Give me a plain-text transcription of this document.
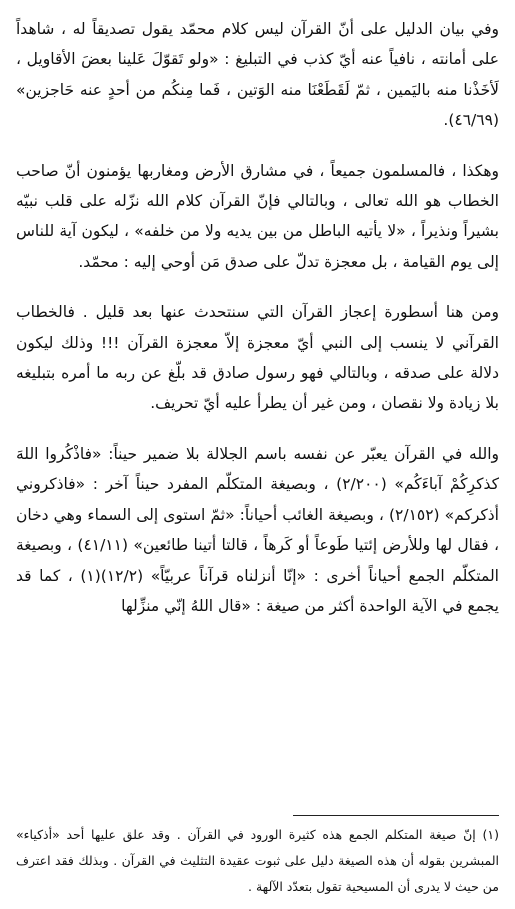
وفي بيان الدليل على أنّ القرآن ليس كلام محمّد يقول تصديقاً له ، شاهداً على أمانته ، نافياً عنه أيّ كذب في التبليغ : «ولو تَقوّلَ عَلينا بعضَ الأقاويل ، لَأخَذْنا منه باليَمين ، ثمّ لَقَطَعْنَا منه الوَتين ، فَما مِنكُم من أحدٍ عنه حَاجزين» (٤٦/٦٩).

وهكذا ، فالمسلمون جميعاً ، في مشارق الأرض ومغاربها يؤمنون أنّ صاحب الخطاب هو الله تعالى ، وبالتالي فإنّ القرآن كلام الله نزّله على قلب نبيّه بشيراً ونذيراً ، «لا يأتيه الباطل من بين يديه ولا من خلفه» ، ليكون آية للناس إلى يوم القيامة ، بل معجزة تدلّ على صدق مَن أوحي إليه : محمّد.

ومن هنا أسطورة إعجاز القرآن التي سنتحدث عنها بعد قليل . فالخطاب القرآني لا ينسب إلى النبي أيّ معجزة إلاّ معجزة القرآن !!! وذلك ليكون دلالة على صدقه ، وبالتالي فهو رسول صادق قد بلّغ عن ربه ما أمره بتبليغه بلا زيادة ولا نقصان ، ومن غير أن يطرأ عليه أيّ تحريف.

والله في القرآن يعبّر عن نفسه باسم الجلالة بلا ضمير حيناً: «فاذْكُروا اللهَ كذكرِكُمْ آباءَكُم» (٢/٢٠٠) ، وبصيغة المتكلّم المفرد حيناً آخر : «فاذكروني أذكركم» (٢/١٥٢) ، وبصيغة الغائب أحياناً: «ثمّ استوى إلى السماء وهي دخان ، فقال لها وللأرض إئتيا طَوعاً أو كَرهاً ، قالتا أتينا طائعين» (٤١/١١) ، وبصيغة المتكلّم الجمع أحياناً أخرى : «إنّا أنزلناه قرآناً عربيّاً» (١٢/٢)(١) ، كما قد يجمع في الآية الواحدة أكثر من صيغة : «قال اللهُ إنّي منزِّلها

(١) إنّ صيغة المتكلم الجمع هذه كثيرة الورود في القرآن . وقد علق عليها أحد «أذكياء» المبشرين بقوله أن هذه الصيغة دليل على ثبوت عقيدة التثليث في القرآن . وبذلك فقد اعترف من حيث لا يدرى أن المسيحية تقول بتعدّد الآلهة .
